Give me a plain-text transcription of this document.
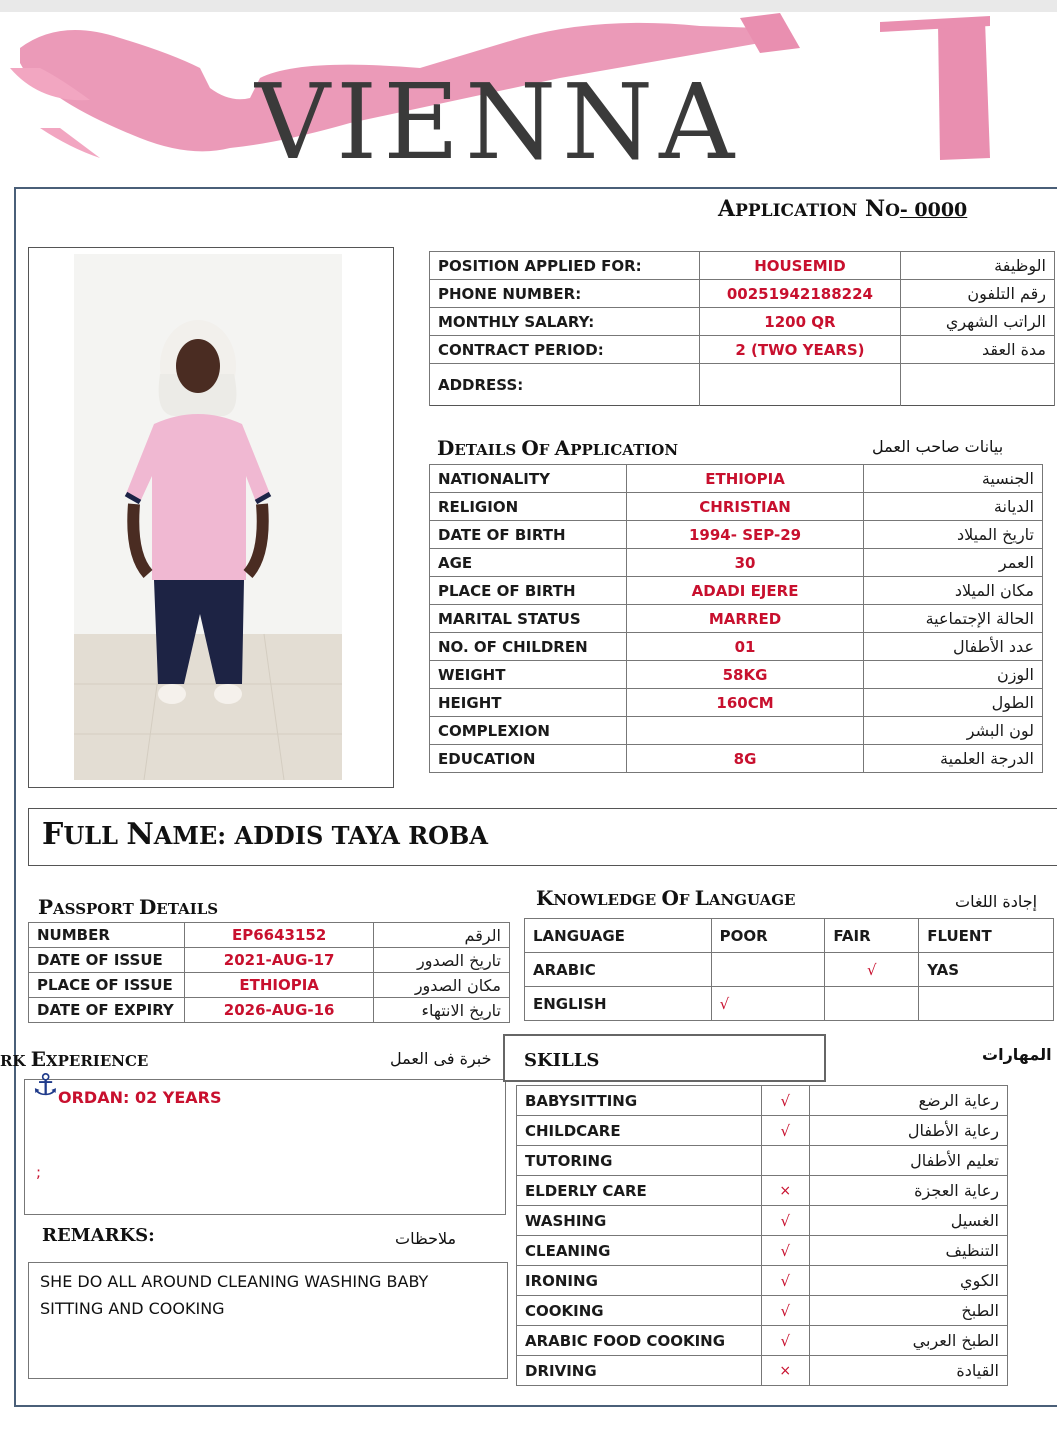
VIENNA
APPLICATION NO- 0000
POSITION APPLIED FOR:	HOUSEMID	الوظيفة
PHONE NUMBER:	00251942188224	رقم التلفون
MONTHLY SALARY:	1200 QR	الراتب الشهري
CONTRACT PERIOD:	2 (TWO YEARS)	مدة العقد
ADDRESS:		
DETAILS OF APPLICATION	بيانات صاحب العمل
NATIONALITY	ETHIOPIA	الجنسية
RELIGION	CHRISTIAN	الديانة
DATE OF BIRTH	1994- SEP-29	تاريخ الميلاد
AGE	30	العمر
PLACE OF BIRTH	ADADI EJERE	مكان الميلاد
MARITAL STATUS	MARRED	الحالة الإجتماعية
NO. OF CHILDREN	01	عدد الأطفال
WEIGHT	58KG	الوزن
HEIGHT	160CM	الطول
COMPLEXION		لون البشر
EDUCATION	8G	الدرجة العلمية
FULL NAME: ADDIS TAYA ROBA
PASSPORT DETAILS
NUMBER	EP6643152	الرقم
DATE OF ISSUE	2021-AUG-17	تاريخ الصدور
PLACE OF ISSUE	ETHIOPIA	مكان الصدور
DATE OF EXPIRY	2026-AUG-16	تاريخ الانتهاء
KNOWLEDGE OF LANGUAGE	إجادة اللغات
LANGUAGE	POOR	FAIR	FLUENT
ARABIC		√	YAS
ENGLISH	√		
RK EXPERIENCE	خبرة فى العمل
⚓ ORDAN: 02 YEARS
;
REMARKS:	ملاحظات
SHE DO ALL AROUND CLEANING WASHING BABY SITTING AND COOKING
المهارات
BABYSITTING	√	رعاية الرضع
CHILDCARE	√	رعاية الأطفال
TUTORING		تعليم الأطفال
ELDERLY CARE	×	رعاية العجزة
WASHING	√	الغسيل
CLEANING	√	التنظيف
IRONING	√	الكوي
COOKING	√	الطبخ
ARABIC FOOD COOKING	√	الطبخ العربي
DRIVING	×	القيادة
SKILLS
